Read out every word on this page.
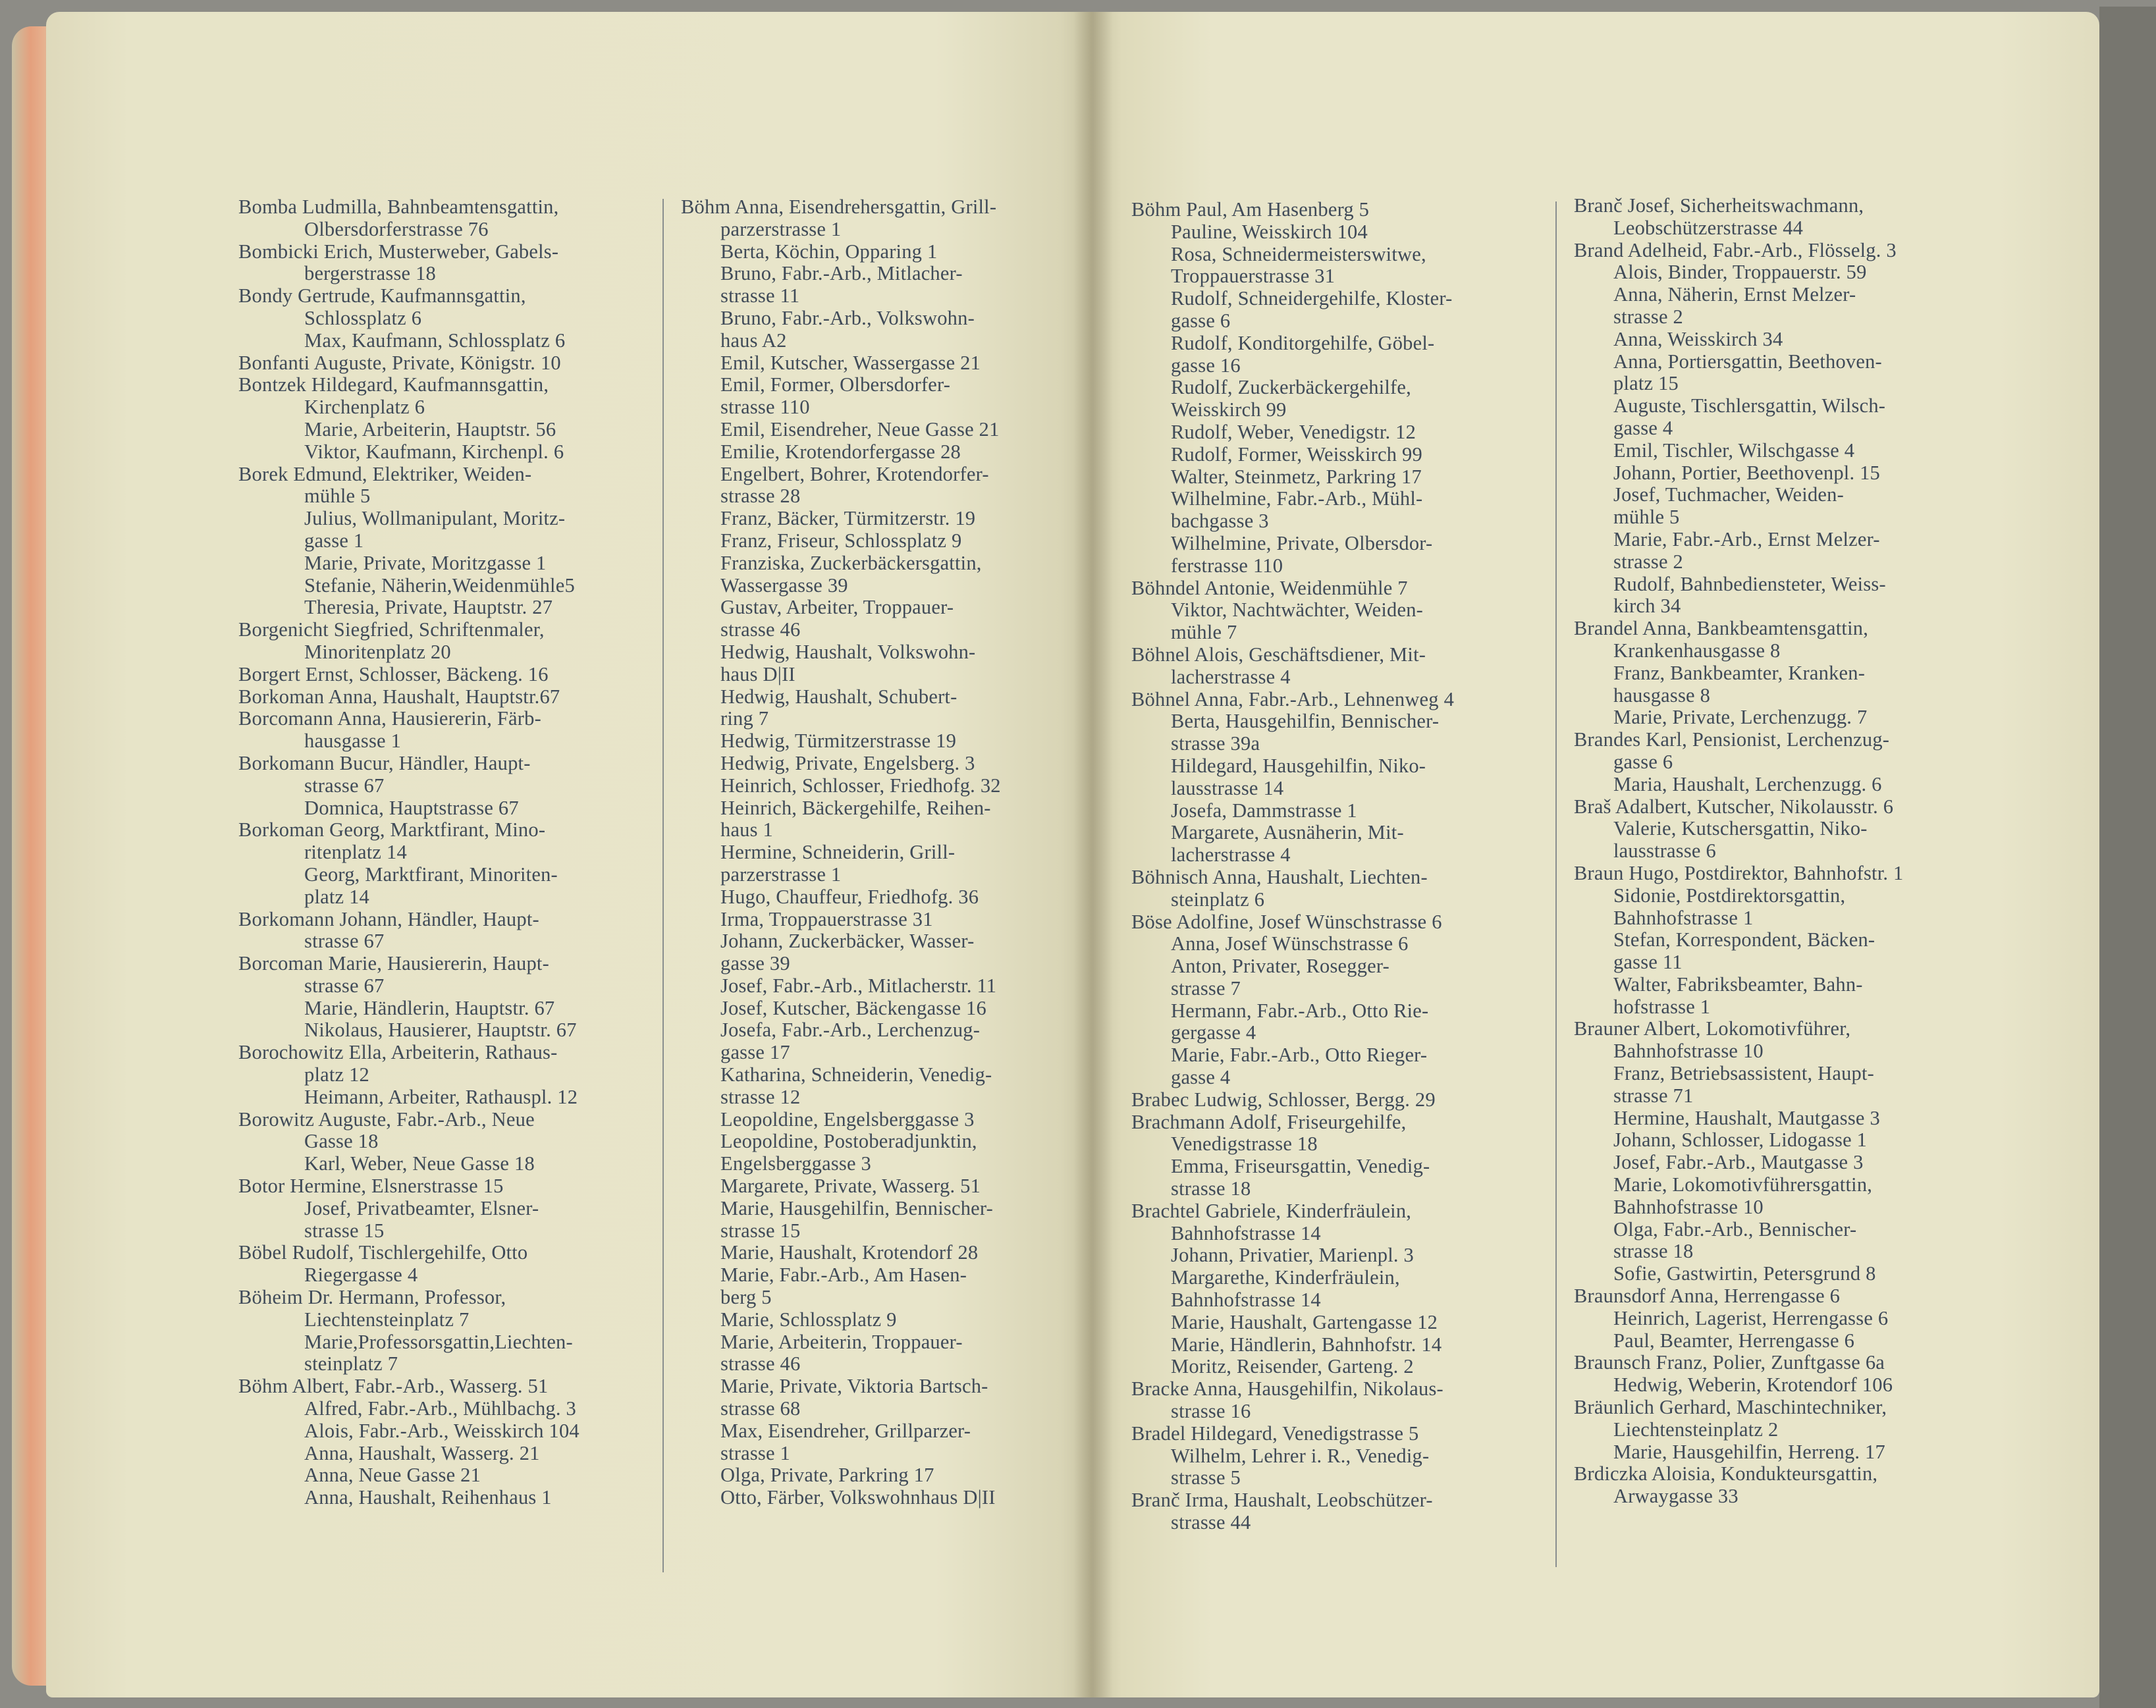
Bomba Ludmilla, Bahnbeamtensgattin,
Olbersdorferstrasse 76
Bombicki Erich, Musterweber, Gabels-
bergerstrasse 18
Bondy Gertrude, Kaufmannsgattin,
Schlossplatz 6
Max, Kaufmann, Schlossplatz 6
Bonfanti Auguste, Private, Königstr. 10
Bontzek Hildegard, Kaufmannsgattin,
Kirchenplatz 6
Marie, Arbeiterin, Hauptstr. 56
Viktor, Kaufmann, Kirchenpl. 6
Borek Edmund, Elektriker, Weiden-
mühle 5
Julius, Wollmanipulant, Moritz-
gasse 1
Marie, Private, Moritzgasse 1
Stefanie, Näherin,Weidenmühle5
Theresia, Private, Hauptstr. 27
Borgenicht Siegfried, Schriftenmaler,
Minoritenplatz 20
Borgert Ernst, Schlosser, Bäckeng. 16
Borkoman Anna, Haushalt, Hauptstr.67
Borcomann Anna, Hausiererin, Färb-
hausgasse 1
Borkomann Bucur, Händler, Haupt-
strasse 67
Domnica, Hauptstrasse 67
Borkoman Georg, Marktfirant, Mino-
ritenplatz 14
Georg, Marktfirant, Minoriten-
platz 14
Borkomann Johann, Händler, Haupt-
strasse 67
Borcoman Marie, Hausiererin, Haupt-
strasse 67
Marie, Händlerin, Hauptstr. 67
Nikolaus, Hausierer, Hauptstr. 67
Borochowitz Ella, Arbeiterin, Rathaus-
platz 12
Heimann, Arbeiter, Rathauspl. 12
Borowitz Auguste, Fabr.-Arb., Neue
Gasse 18
Karl, Weber, Neue Gasse 18
Botor Hermine, Elsnerstrasse 15
Josef, Privatbeamter, Elsner-
strasse 15
Böbel Rudolf, Tischlergehilfe, Otto
Riegergasse 4
Böheim Dr. Hermann, Professor,
Liechtensteinplatz 7
Marie,Professorsgattin,Liechten-
steinplatz 7
Böhm Albert, Fabr.-Arb., Wasserg. 51
Alfred, Fabr.-Arb., Mühlbachg. 3
Alois, Fabr.-Arb., Weisskirch 104
Anna, Haushalt, Wasserg. 21
Anna, Neue Gasse 21
Anna, Haushalt, Reihenhaus 1
Böhm Anna, Eisendrehersgattin, Grill-
parzerstrasse 1
Berta, Köchin, Opparing 1
Bruno, Fabr.-Arb., Mitlacher-
strasse 11
Bruno, Fabr.-Arb., Volkswohn-
haus A2
Emil, Kutscher, Wassergasse 21
Emil, Former, Olbersdorfer-
strasse 110
Emil, Eisendreher, Neue Gasse 21
Emilie, Krotendorfergasse 28
Engelbert, Bohrer, Krotendorfer-
strasse 28
Franz, Bäcker, Türmitzerstr. 19
Franz, Friseur, Schlossplatz 9
Franziska, Zuckerbäckersgattin,
Wassergasse 39
Gustav, Arbeiter, Troppauer-
strasse 46
Hedwig, Haushalt, Volkswohn-
haus D|II
Hedwig, Haushalt, Schubert-
ring 7
Hedwig, Türmitzerstrasse 19
Hedwig, Private, Engelsberg. 3
Heinrich, Schlosser, Friedhofg. 32
Heinrich, Bäckergehilfe, Reihen-
haus 1
Hermine, Schneiderin, Grill-
parzerstrasse 1
Hugo, Chauffeur, Friedhofg. 36
Irma, Troppauerstrasse 31
Johann, Zuckerbäcker, Wasser-
gasse 39
Josef, Fabr.-Arb., Mitlacherstr. 11
Josef, Kutscher, Bäckengasse 16
Josefa, Fabr.-Arb., Lerchenzug-
gasse 17
Katharina, Schneiderin, Venedig-
strasse 12
Leopoldine, Engelsberggasse 3
Leopoldine, Postoberadjunktin,
Engelsberggasse 3
Margarete, Private, Wasserg. 51
Marie, Hausgehilfin, Bennischer-
strasse 15
Marie, Haushalt, Krotendorf 28
Marie, Fabr.-Arb., Am Hasen-
berg 5
Marie, Schlossplatz 9
Marie, Arbeiterin, Troppauer-
strasse 46
Marie, Private, Viktoria Bartsch-
strasse 68
Max, Eisendreher, Grillparzer-
strasse 1
Olga, Private, Parkring 17
Otto, Färber, Volkswohnhaus D|II
Böhm Paul, Am Hasenberg 5
Pauline, Weisskirch 104
Rosa, Schneidermeisterswitwe,
Troppauerstrasse 31
Rudolf, Schneidergehilfe, Kloster-
gasse 6
Rudolf, Konditorgehilfe, Göbel-
gasse 16
Rudolf, Zuckerbäckergehilfe,
Weisskirch 99
Rudolf, Weber, Venedigstr. 12
Rudolf, Former, Weisskirch 99
Walter, Steinmetz, Parkring 17
Wilhelmine, Fabr.-Arb., Mühl-
bachgasse 3
Wilhelmine, Private, Olbersdor-
ferstrasse 110
Böhndel Antonie, Weidenmühle 7
Viktor, Nachtwächter, Weiden-
mühle 7
Böhnel Alois, Geschäftsdiener, Mit-
lacherstrasse 4
Böhnel Anna, Fabr.-Arb., Lehnenweg 4
Berta, Hausgehilfin, Bennischer-
strasse 39a
Hildegard, Hausgehilfin, Niko-
lausstrasse 14
Josefa, Dammstrasse 1
Margarete, Ausnäherin, Mit-
lacherstrasse 4
Böhnisch Anna, Haushalt, Liechten-
steinplatz 6
Böse Adolfine, Josef Wünschstrasse 6
Anna, Josef Wünschstrasse 6
Anton, Privater, Rosegger-
strasse 7
Hermann, Fabr.-Arb., Otto Rie-
gergasse 4
Marie, Fabr.-Arb., Otto Rieger-
gasse 4
Brabec Ludwig, Schlosser, Bergg. 29
Brachmann Adolf, Friseurgehilfe,
Venedigstrasse 18
Emma, Friseursgattin, Venedig-
strasse 18
Brachtel Gabriele, Kinderfräulein,
Bahnhofstrasse 14
Johann, Privatier, Marienpl. 3
Margarethe, Kinderfräulein,
Bahnhofstrasse 14
Marie, Haushalt, Gartengasse 12
Marie, Händlerin, Bahnhofstr. 14
Moritz, Reisender, Garteng. 2
Bracke Anna, Hausgehilfin, Nikolaus-
strasse 16
Bradel Hildegard, Venedigstrasse 5
Wilhelm, Lehrer i. R., Venedig-
strasse 5
Branč Irma, Haushalt, Leobschützer-
strasse 44
Branč Josef, Sicherheitswachmann,
Leobschützerstrasse 44
Brand Adelheid, Fabr.-Arb., Flösselg. 3
Alois, Binder, Troppauerstr. 59
Anna, Näherin, Ernst Melzer-
strasse 2
Anna, Weisskirch 34
Anna, Portiersgattin, Beethoven-
platz 15
Auguste, Tischlersgattin, Wilsch-
gasse 4
Emil, Tischler, Wilschgasse 4
Johann, Portier, Beethovenpl. 15
Josef, Tuchmacher, Weiden-
mühle 5
Marie, Fabr.-Arb., Ernst Melzer-
strasse 2
Rudolf, Bahnbediensteter, Weiss-
kirch 34
Brandel Anna, Bankbeamtensgattin,
Krankenhausgasse 8
Franz, Bankbeamter, Kranken-
hausgasse 8
Marie, Private, Lerchenzugg. 7
Brandes Karl, Pensionist, Lerchenzug-
gasse 6
Maria, Haushalt, Lerchenzugg. 6
Braš Adalbert, Kutscher, Nikolausstr. 6
Valerie, Kutschersgattin, Niko-
lausstrasse 6
Braun Hugo, Postdirektor, Bahnhofstr. 1
Sidonie, Postdirektorsgattin,
Bahnhofstrasse 1
Stefan, Korrespondent, Bäcken-
gasse 11
Walter, Fabriksbeamter, Bahn-
hofstrasse 1
Brauner Albert, Lokomotivführer,
Bahnhofstrasse 10
Franz, Betriebsassistent, Haupt-
strasse 71
Hermine, Haushalt, Mautgasse 3
Johann, Schlosser, Lidogasse 1
Josef, Fabr.-Arb., Mautgasse 3
Marie, Lokomotivführersgattin,
Bahnhofstrasse 10
Olga, Fabr.-Arb., Bennischer-
strasse 18
Sofie, Gastwirtin, Petersgrund 8
Braunsdorf Anna, Herrengasse 6
Heinrich, Lagerist, Herrengasse 6
Paul, Beamter, Herrengasse 6
Braunsch Franz, Polier, Zunftgasse 6a
Hedwig, Weberin, Krotendorf 106
Bräunlich Gerhard, Maschintechniker,
Liechtensteinplatz 2
Marie, Hausgehilfin, Herreng. 17
Brdiczka Aloisia, Kondukteursgattin,
Arwaygasse 33
